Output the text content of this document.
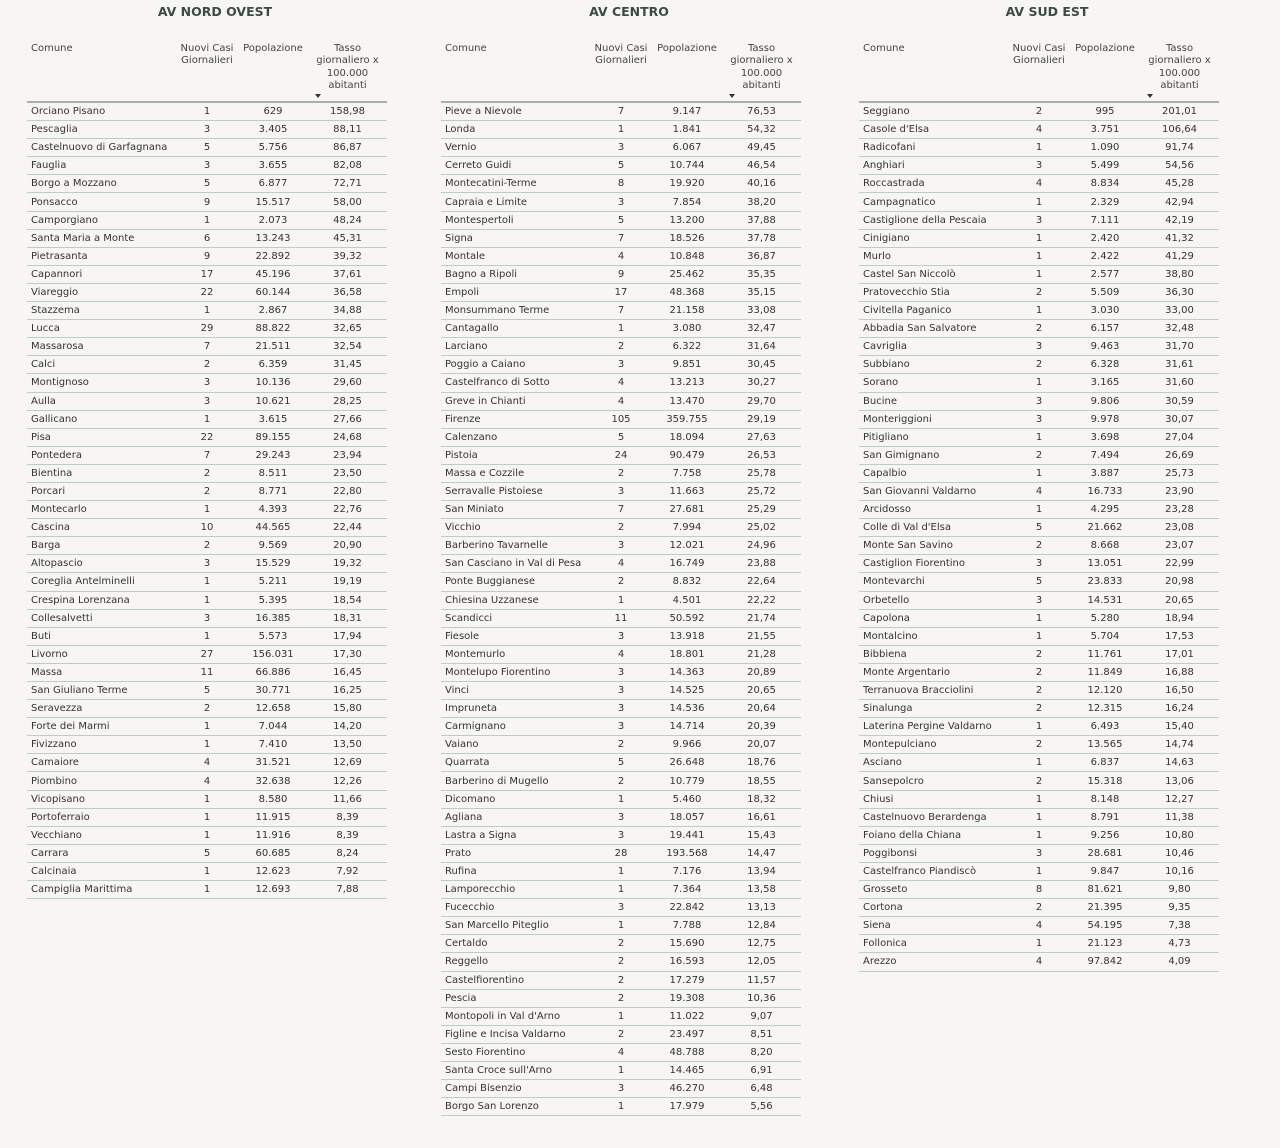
AV NORD OVEST
Comune	Nuovi Casi Giornalieri	Popolazione	Tasso giornaliero x 100.000 abitanti

Orciano Pisano	1	629	158,98
Pescaglia	3	3.405	88,11
Castelnuovo di Garfagnana	5	5.756	86,87
Fauglia	3	3.655	82,08
Borgo a Mozzano	5	6.877	72,71
Ponsacco	9	15.517	58,00
Camporgiano	1	2.073	48,24
Santa Maria a Monte	6	13.243	45,31
Pietrasanta	9	22.892	39,32
Capannori	17	45.196	37,61
Viareggio	22	60.144	36,58
Stazzema	1	2.867	34,88
Lucca	29	88.822	32,65
Massarosa	7	21.511	32,54
Calci	2	6.359	31,45
Montignoso	3	10.136	29,60
Aulla	3	10.621	28,25
Gallicano	1	3.615	27,66
Pisa	22	89.155	24,68
Pontedera	7	29.243	23,94
Bientina	2	8.511	23,50
Porcari	2	8.771	22,80
Montecarlo	1	4.393	22,76
Cascina	10	44.565	22,44
Barga	2	9.569	20,90
Altopascio	3	15.529	19,32
Coreglia Antelminelli	1	5.211	19,19
Crespina Lorenzana	1	5.395	18,54
Collesalvetti	3	16.385	18,31
Buti	1	5.573	17,94
Livorno	27	156.031	17,30
Massa	11	66.886	16,45
San Giuliano Terme	5	30.771	16,25
Seravezza	2	12.658	15,80
Forte dei Marmi	1	7.044	14,20
Fivizzano	1	7.410	13,50
Camaiore	4	31.521	12,69
Piombino	4	32.638	12,26
Vicopisano	1	8.580	11,66
Portoferraio	1	11.915	8,39
Vecchiano	1	11.916	8,39
Carrara	5	60.685	8,24
Calcinaia	1	12.623	7,92
Campiglia Marittima	1	12.693	7,88
AV CENTRO
Comune	Nuovi Casi Giornalieri	Popolazione	Tasso giornaliero x 100.000 abitanti

Pieve a Nievole	7	9.147	76,53
Londa	1	1.841	54,32
Vernio	3	6.067	49,45
Cerreto Guidi	5	10.744	46,54
Montecatini-Terme	8	19.920	40,16
Capraia e Limite	3	7.854	38,20
Montespertoli	5	13.200	37,88
Signa	7	18.526	37,78
Montale	4	10.848	36,87
Bagno a Ripoli	9	25.462	35,35
Empoli	17	48.368	35,15
Monsummano Terme	7	21.158	33,08
Cantagallo	1	3.080	32,47
Larciano	2	6.322	31,64
Poggio a Caiano	3	9.851	30,45
Castelfranco di Sotto	4	13.213	30,27
Greve in Chianti	4	13.470	29,70
Firenze	105	359.755	29,19
Calenzano	5	18.094	27,63
Pistoia	24	90.479	26,53
Massa e Cozzile	2	7.758	25,78
Serravalle Pistoiese	3	11.663	25,72
San Miniato	7	27.681	25,29
Vicchio	2	7.994	25,02
Barberino Tavarnelle	3	12.021	24,96
San Casciano in Val di Pesa	4	16.749	23,88
Ponte Buggianese	2	8.832	22,64
Chiesina Uzzanese	1	4.501	22,22
Scandicci	11	50.592	21,74
Fiesole	3	13.918	21,55
Montemurlo	4	18.801	21,28
Montelupo Fiorentino	3	14.363	20,89
Vinci	3	14.525	20,65
Impruneta	3	14.536	20,64
Carmignano	3	14.714	20,39
Vaiano	2	9.966	20,07
Quarrata	5	26.648	18,76
Barberino di Mugello	2	10.779	18,55
Dicomano	1	5.460	18,32
Agliana	3	18.057	16,61
Lastra a Signa	3	19.441	15,43
Prato	28	193.568	14,47
Rufina	1	7.176	13,94
Lamporecchio	1	7.364	13,58
Fucecchio	3	22.842	13,13
San Marcello Piteglio	1	7.788	12,84
Certaldo	2	15.690	12,75
Reggello	2	16.593	12,05
Castelfiorentino	2	17.279	11,57
Pescia	2	19.308	10,36
Montopoli in Val d'Arno	1	11.022	9,07
Figline e Incisa Valdarno	2	23.497	8,51
Sesto Fiorentino	4	48.788	8,20
Santa Croce sull'Arno	1	14.465	6,91
Campi Bisenzio	3	46.270	6,48
Borgo San Lorenzo	1	17.979	5,56
AV SUD EST
Comune	Nuovi Casi Giornalieri	Popolazione	Tasso giornaliero x 100.000 abitanti

Seggiano	2	995	201,01
Casole d'Elsa	4	3.751	106,64
Radicofani	1	1.090	91,74
Anghiari	3	5.499	54,56
Roccastrada	4	8.834	45,28
Campagnatico	1	2.329	42,94
Castiglione della Pescaia	3	7.111	42,19
Cinigiano	1	2.420	41,32
Murlo	1	2.422	41,29
Castel San Niccolò	1	2.577	38,80
Pratovecchio Stia	2	5.509	36,30
Civitella Paganico	1	3.030	33,00
Abbadia San Salvatore	2	6.157	32,48
Cavriglia	3	9.463	31,70
Subbiano	2	6.328	31,61
Sorano	1	3.165	31,60
Bucine	3	9.806	30,59
Monteriggioni	3	9.978	30,07
Pitigliano	1	3.698	27,04
San Gimignano	2	7.494	26,69
Capalbio	1	3.887	25,73
San Giovanni Valdarno	4	16.733	23,90
Arcidosso	1	4.295	23,28
Colle di Val d'Elsa	5	21.662	23,08
Monte San Savino	2	8.668	23,07
Castiglion Fiorentino	3	13.051	22,99
Montevarchi	5	23.833	20,98
Orbetello	3	14.531	20,65
Capolona	1	5.280	18,94
Montalcino	1	5.704	17,53
Bibbiena	2	11.761	17,01
Monte Argentario	2	11.849	16,88
Terranuova Bracciolini	2	12.120	16,50
Sinalunga	2	12.315	16,24
Laterina Pergine Valdarno	1	6.493	15,40
Montepulciano	2	13.565	14,74
Asciano	1	6.837	14,63
Sansepolcro	2	15.318	13,06
Chiusi	1	8.148	12,27
Castelnuovo Berardenga	1	8.791	11,38
Foiano della Chiana	1	9.256	10,80
Poggibonsi	3	28.681	10,46
Castelfranco Piandiscò	1	9.847	10,16
Grosseto	8	81.621	9,80
Cortona	2	21.395	9,35
Siena	4	54.195	7,38
Follonica	1	21.123	4,73
Arezzo	4	97.842	4,09
